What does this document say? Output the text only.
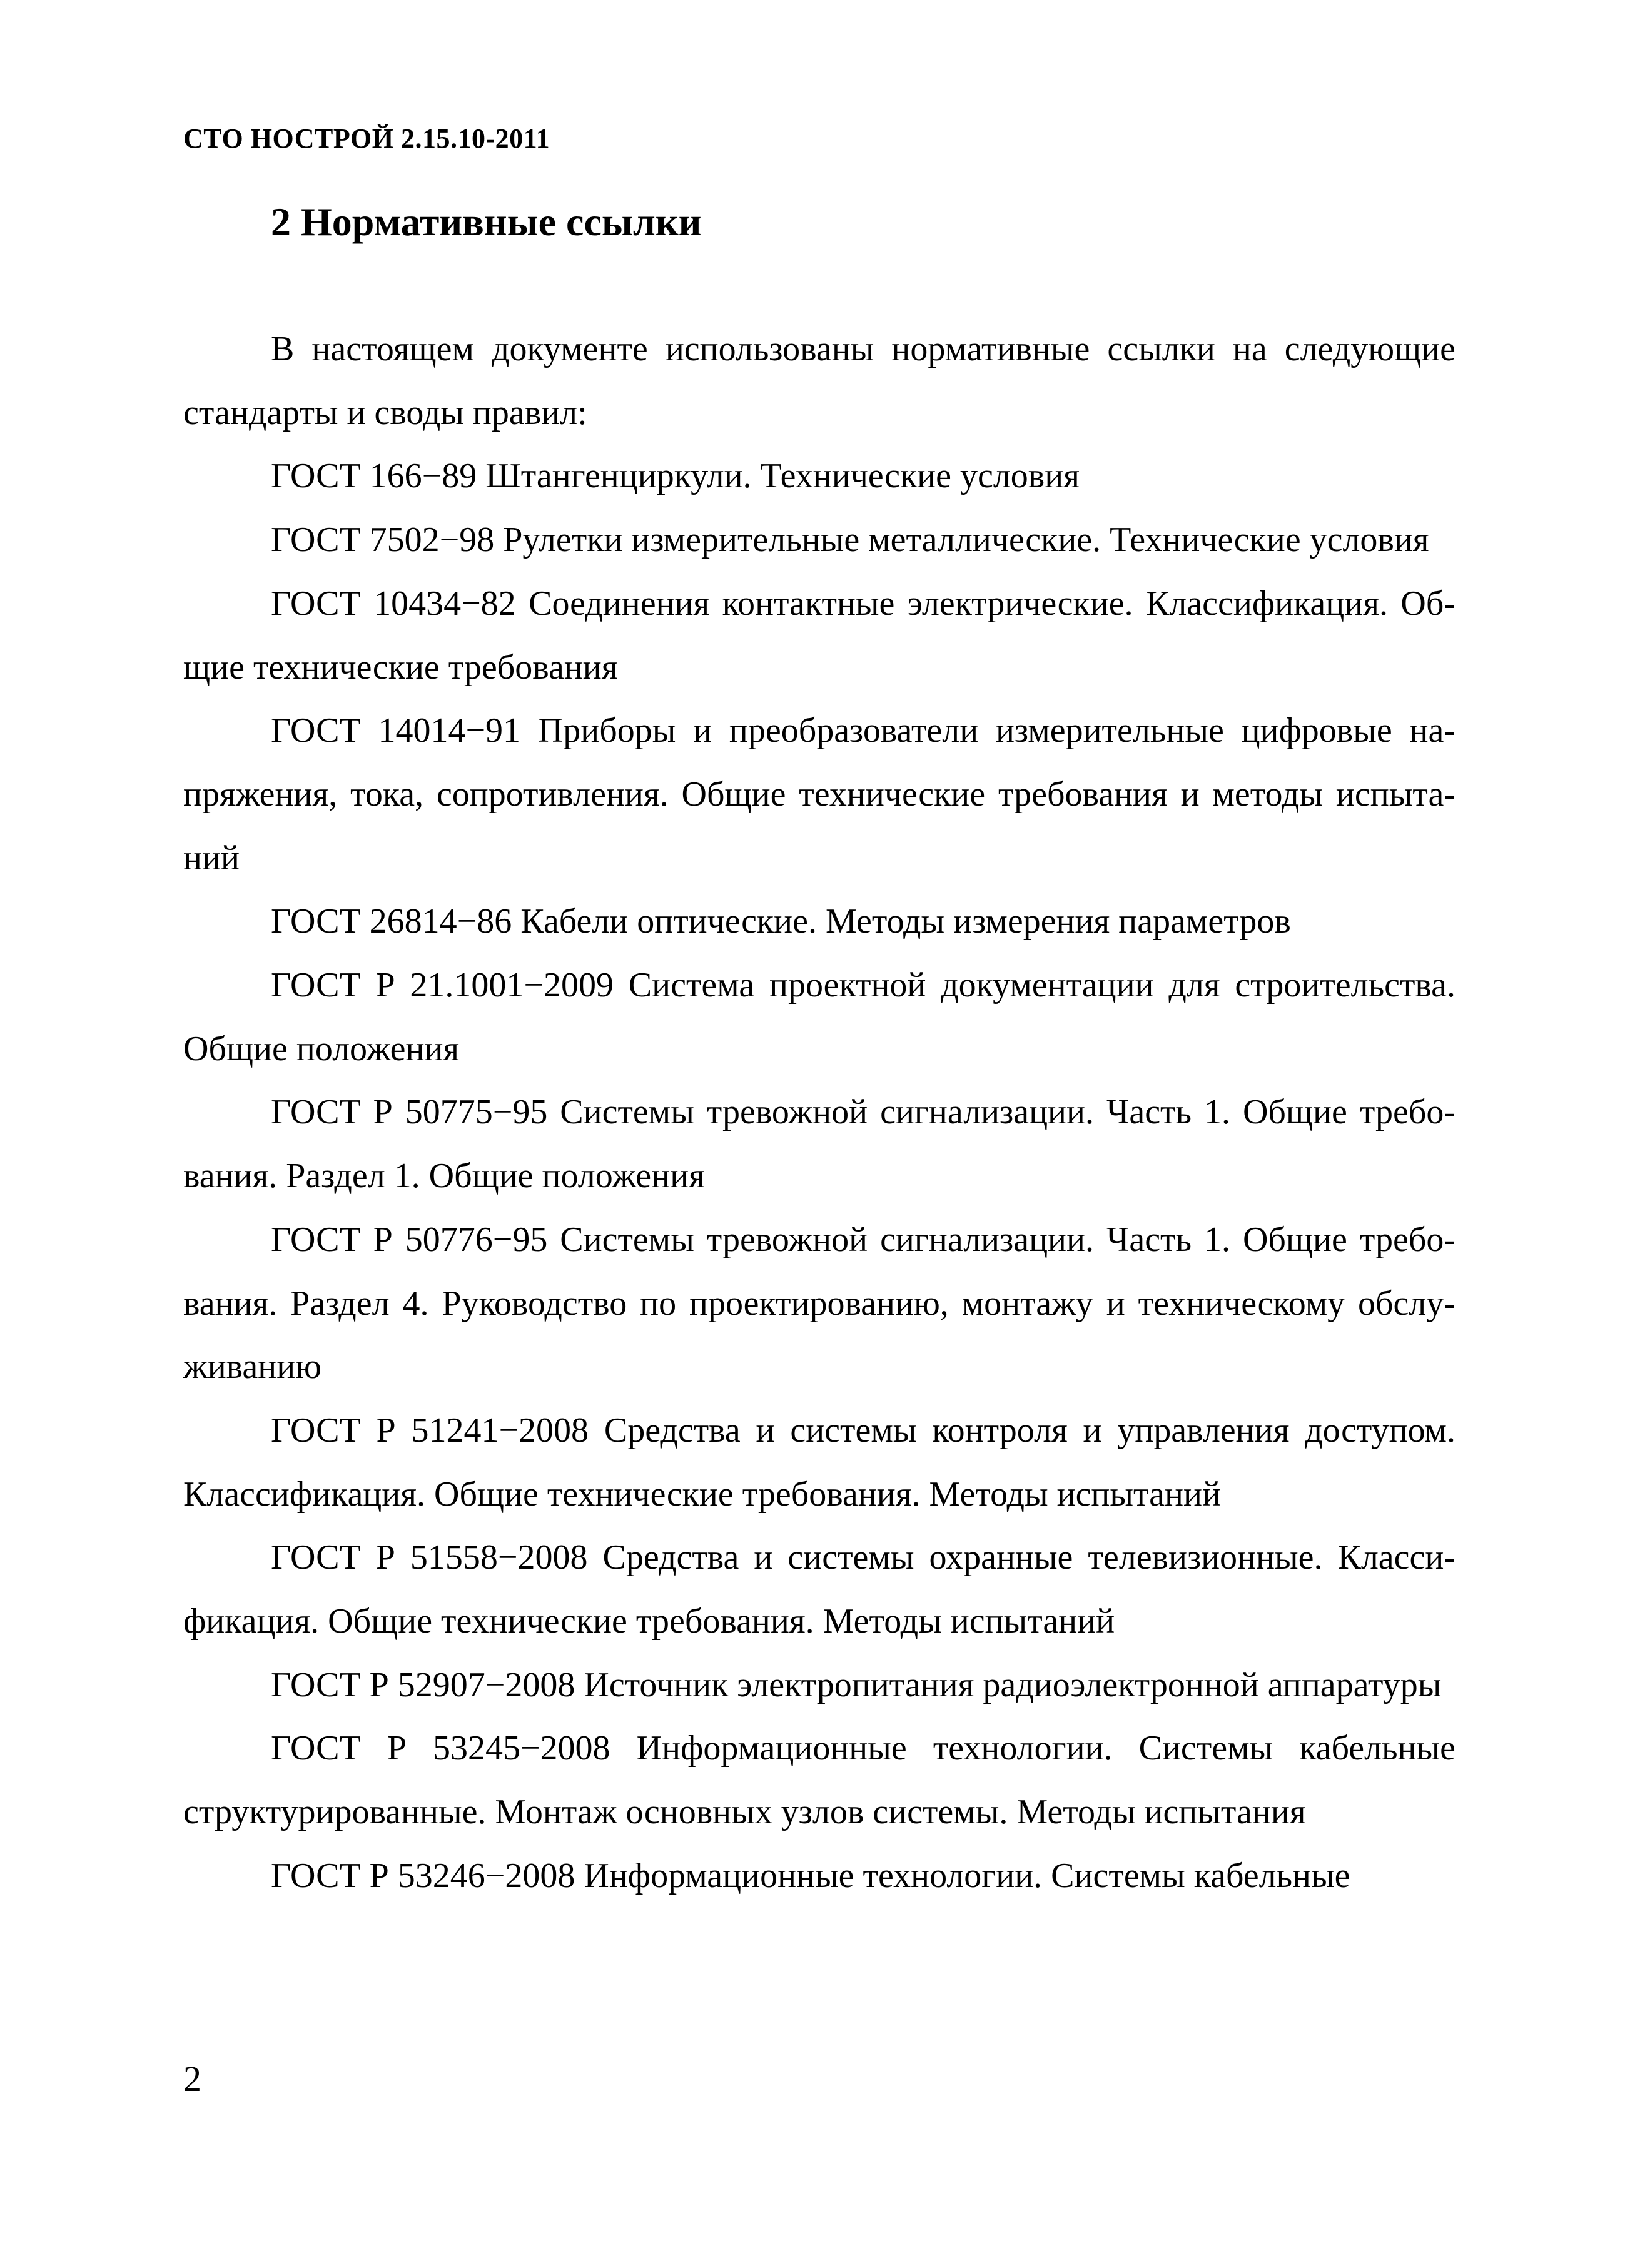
СТО НОСТРОЙ 2.15.10-2011
2 Нормативные ссылки

В настоящем документе использованы нормативные ссылки на следующие стандарты и своды правил:

ГОСТ 166−89 Штангенциркули. Технические условия

ГОСТ 7502−98 Рулетки измерительные металлические. Технические условия

ГОСТ 10434−82 Соединения контактные электрические. Классификация. Общие технические требования

ГОСТ 14014−91 Приборы и преобразователи измерительные цифровые напряжения, тока, сопротивления. Общие технические требования и методы испытаний

ГОСТ 26814−86 Кабели оптические. Методы измерения параметров

ГОСТ Р 21.1001−2009 Система проектной документации для строительства. Общие положения

ГОСТ Р 50775−95 Системы тревожной сигнализации. Часть 1. Общие требования. Раздел 1. Общие положения

ГОСТ Р 50776−95 Системы тревожной сигнализации. Часть 1. Общие требования. Раздел 4. Руководство по проектированию, монтажу и техническому обслуживанию

ГОСТ Р 51241−2008 Средства и системы контроля и управления доступом. Классификация. Общие технические требования. Методы испытаний

ГОСТ Р 51558−2008 Средства и системы охранные телевизионные. Классификация. Общие технические требования. Методы испытаний

ГОСТ Р 52907−2008 Источник электропитания радиоэлектронной аппаратуры

ГОСТ Р 53245−2008 Информационные технологии. Системы кабельные структурированные. Монтаж основных узлов системы. Методы испытания

ГОСТ Р 53246−2008 Информационные технологии. Системы кабельные

2
